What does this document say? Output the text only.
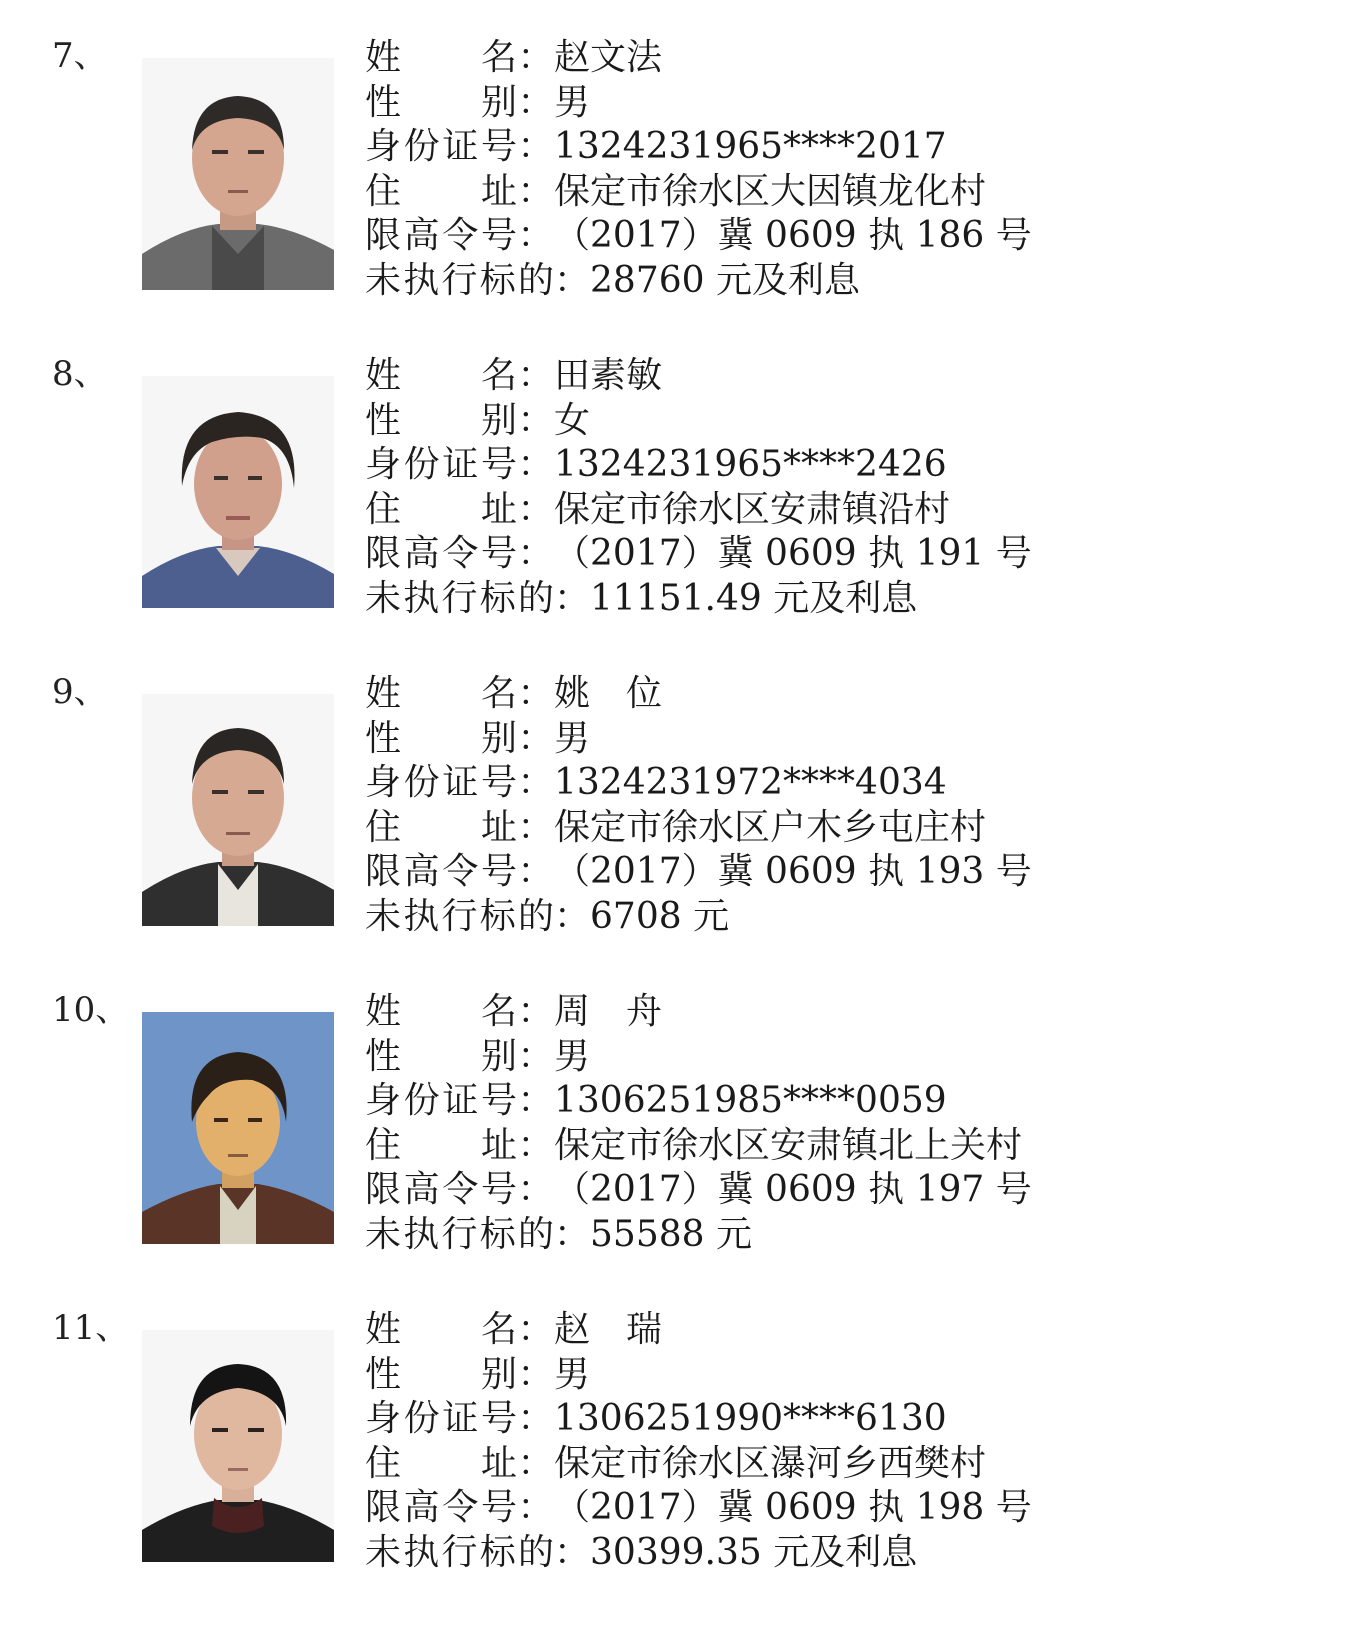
7、	姓　名：赵文法
性　别：男
身份证号：1324231965****2017
住　址：保定市徐水区大因镇龙化村
限高令号：（2017）冀 0609 执 186 号
未执行标的：28760 元及利息
8、	姓　名：田素敏
性　别：女
身份证号：1324231965****2426
住　址：保定市徐水区安肃镇沿村
限高令号：（2017）冀 0609 执 191 号
未执行标的：11151.49 元及利息
9、	姓　名：姚位
性　别：男
身份证号：1324231972****4034
住　址：保定市徐水区户木乡屯庄村
限高令号：（2017）冀 0609 执 193 号
未执行标的：6708 元
10、	姓　名：周舟
性　别：男
身份证号：1306251985****0059
住　址：保定市徐水区安肃镇北上关村
限高令号：（2017）冀 0609 执 197 号
未执行标的：55588 元
11、	姓　名：赵瑞
性　别：男
身份证号：1306251990****6130
住　址：保定市徐水区瀑河乡西樊村
限高令号：（2017）冀 0609 执 198 号
未执行标的：30399.35 元及利息
